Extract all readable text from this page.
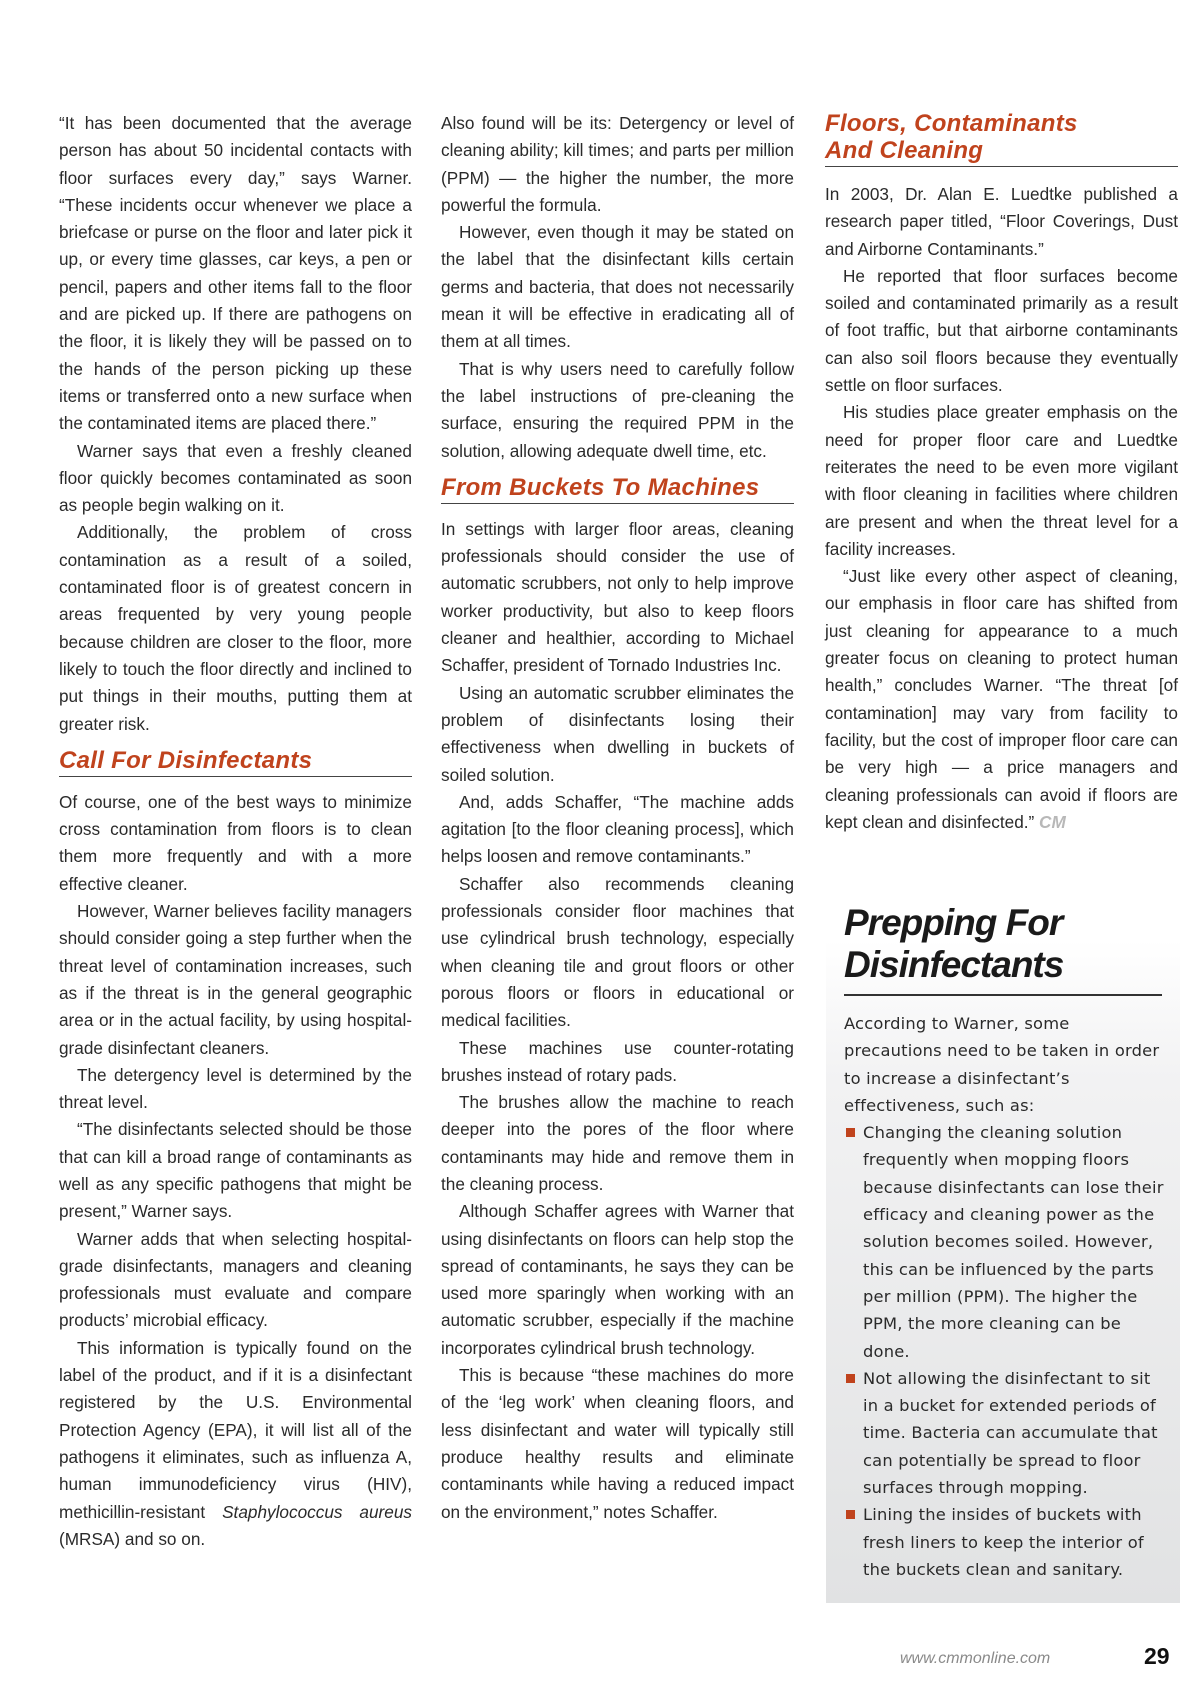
“It has been documented that the average person has about 50 incidental contacts with floor surfaces every day,” says Warner. “These incidents occur whenever we place a briefcase or purse on the floor and later pick it up, or every time glasses, car keys, a pen or pencil, papers and other items fall to the floor and are picked up. If there are pathogens on the floor, it is likely they will be passed on to the hands of the person picking up these items or transferred onto a new surface when the contaminated items are placed there.”

Warner says that even a freshly cleaned floor quickly becomes contaminated as soon as people begin walking on it.

Additionally, the problem of cross contamination as a result of a soiled, contaminated floor is of greatest concern in areas frequented by very young people because children are closer to the floor, more likely to touch the floor directly and inclined to put things in their mouths, putting them at greater risk.

Call For Disinfectants

Of course, one of the best ways to minimize cross contamination from floors is to clean them more frequently and with a more effective cleaner.

However, Warner believes facility managers should consider going a step further when the threat level of contamination increases, such as if the threat is in the general geographic area or in the actual facility, by using hospital-grade disinfectant cleaners.

The detergency level is determined by the threat level.

“The disinfectants selected should be those that can kill a broad range of contaminants as well as any specific pathogens that might be present,” Warner says.

Warner adds that when selecting hospital-grade disinfectants, managers and cleaning professionals must evaluate and compare products’ microbial efficacy.

This information is typically found on the label of the product, and if it is a disinfectant registered by the U.S. Environmental Protection Agency (EPA), it will list all of the pathogens it eliminates, such as influenza A, human immunodeficiency virus (HIV), methicillin-resistant Staphylococcus aureus (MRSA) and so on.

Also found will be its: Detergency or level of cleaning ability; kill times; and parts per million (PPM) — the higher the number, the more powerful the formula.

However, even though it may be stated on the label that the disinfectant kills certain germs and bacteria, that does not necessarily mean it will be effective in eradicating all of them at all times.

That is why users need to carefully follow the label instructions of pre-cleaning the surface, ensuring the required PPM in the solution, allowing adequate dwell time, etc.

From Buckets To Machines

In settings with larger floor areas, cleaning professionals should consider the use of automatic scrubbers, not only to help improve worker productivity, but also to keep floors cleaner and healthier, according to Michael Schaffer, president of Tornado Industries Inc.

Using an automatic scrubber eliminates the problem of disinfectants losing their effectiveness when dwelling in buckets of soiled solution.

And, adds Schaffer, “The machine adds agitation [to the floor cleaning process], which helps loosen and remove contaminants.”

Schaffer also recommends cleaning professionals consider floor machines that use cylindrical brush technology, especially when cleaning tile and grout floors or other porous floors or floors in educational or medical facilities.

These machines use counter-rotating brushes instead of rotary pads.

The brushes allow the machine to reach deeper into the pores of the floor where contaminants may hide and remove them in the cleaning process.

Although Schaffer agrees with Warner that using disinfectants on floors can help stop the spread of contaminants, he says they can be used more sparingly when working with an automatic scrubber, especially if the machine incorporates cylindrical brush technology.

This is because “these machines do more of the ‘leg work’ when cleaning floors, and less disinfectant and water will typically still produce healthy results and eliminate contaminants while having a reduced impact on the environment,” notes Schaffer.

Floors, Contaminants
And Cleaning

In 2003, Dr. Alan E. Luedtke published a research paper titled, “Floor Coverings, Dust and Airborne Contaminants.”

He reported that floor surfaces become soiled and contaminated primarily as a result of foot traffic, but that airborne contaminants can also soil floors because they eventually settle on floor surfaces.

His studies place greater emphasis on the need for proper floor care and Luedtke reiterates the need to be even more vigilant with floor cleaning in facilities where children are present and when the threat level for a facility increases.

“Just like every other aspect of cleaning, our emphasis in floor care has shifted from just cleaning for appearance to a much greater focus on cleaning to protect human health,” concludes Warner. “The threat [of contamination] may vary from facility to facility, but the cost of improper floor care can be very high — a price managers and cleaning professionals can avoid if floors are kept clean and disinfected.” CM

Prepping For
Disinfectants

According to Warner, some precautions need to be taken in order to increase a disinfectant’s effectiveness, such as:

Changing the cleaning solution frequently when mopping floors because disinfectants can lose their efficacy and cleaning power as the solution becomes soiled. However, this can be influenced by the parts per million (PPM). The higher the PPM, the more cleaning can be done.

Not allowing the disinfectant to sit in a bucket for extended periods of time. Bacteria can accumulate that can potentially be spread to floor surfaces through mopping.

Lining the insides of buckets with fresh liners to keep the interior of the buckets clean and sanitary.

www.cmmonline.com	29
